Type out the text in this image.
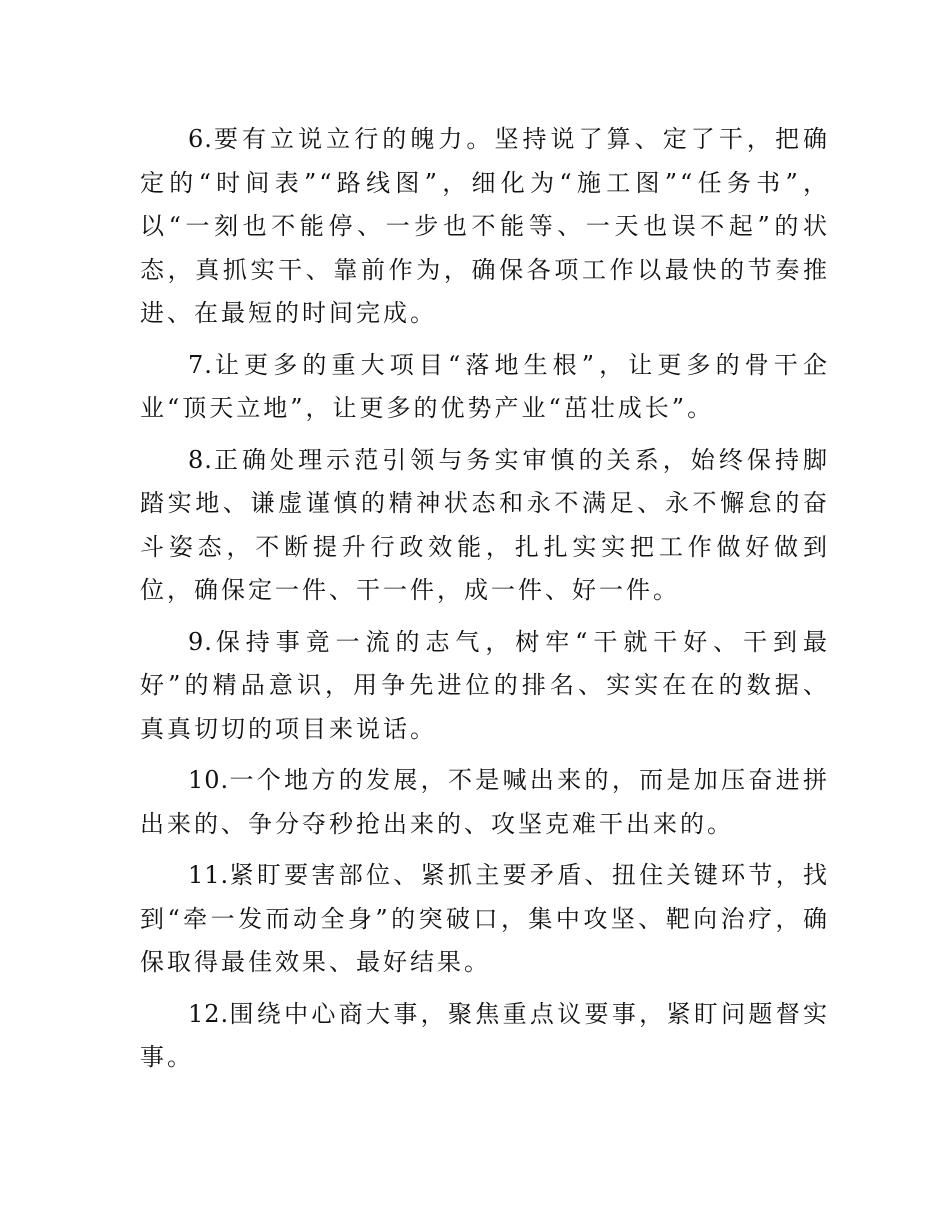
6.要有立说立行的魄力。坚持说了算、定了干，把确定的“时间表”“路线图”，细化为“施工图”“任务书”，以“一刻也不能停、一步也不能等、一天也误不起”的状态，真抓实干、靠前作为，确保各项工作以最快的节奏推进、在最短的时间完成。

7.让更多的重大项目“落地生根”，让更多的骨干企业“顶天立地”，让更多的优势产业“茁壮成长”。

8.正确处理示范引领与务实审慎的关系，始终保持脚踏实地、谦虚谨慎的精神状态和永不满足、永不懈怠的奋斗姿态，不断提升行政效能，扎扎实实把工作做好做到位，确保定一件、干一件，成一件、好一件。

9.保持事竟一流的志气，树牢“干就干好、干到最好”的精品意识，用争先进位的排名、实实在在的数据、真真切切的项目来说话。

10.一个地方的发展，不是喊出来的，而是加压奋进拼出来的、争分夺秒抢出来的、攻坚克难干出来的。

11.紧盯要害部位、紧抓主要矛盾、扭住关键环节，找到“牵一发而动全身”的突破口，集中攻坚、靶向治疗，确保取得最佳效果、最好结果。

12.围绕中心商大事，聚焦重点议要事，紧盯问题督实事。
